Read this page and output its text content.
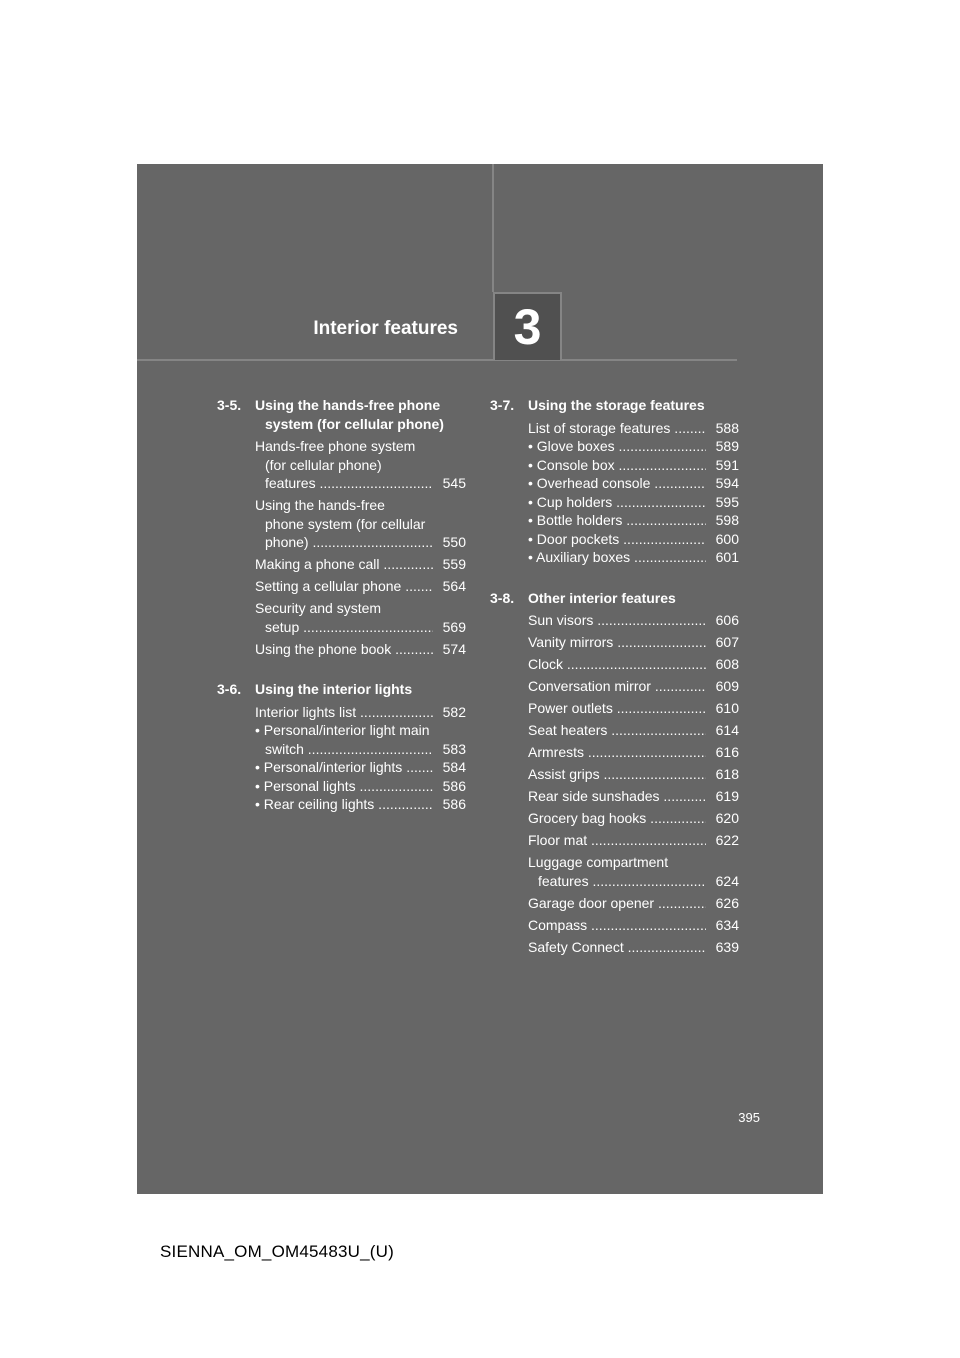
Interior features 3
3-5. Using the hands-free phone
system (for cellular phone)
Hands-free phone system
(for cellular phone)
features .....	545
Using the hands-free
phone system (for cellular
phone) .....	550
Making a phone call .....	559
Setting a cellular phone .....	564
Security and system
setup .....	569
Using the phone book .....	574
3-6. Using the interior lights
Interior lights list .....	582
• Personal/interior light main
switch .....	583
• Personal/interior lights .....	584
• Personal lights .....	586
• Rear ceiling lights .....	586
3-7. Using the storage features
List of storage features .....	588
• Glove boxes .....	589
• Console box .....	591
• Overhead console .....	594
• Cup holders .....	595
• Bottle holders .....	598
• Door pockets .....	600
• Auxiliary boxes .....	601
3-8. Other interior features
Sun visors .....	606
Vanity mirrors .....	607
Clock .....	608
Conversation mirror .....	609
Power outlets .....	610
Seat heaters .....	614
Armrests .....	616
Assist grips .....	618
Rear side sunshades .....	619
Grocery bag hooks .....	620
Floor mat .....	622
Luggage compartment
features .....	624
Garage door opener .....	626
Compass .....	634
Safety Connect .....	639
395
SIENNA_OM_OM45483U_(U)
